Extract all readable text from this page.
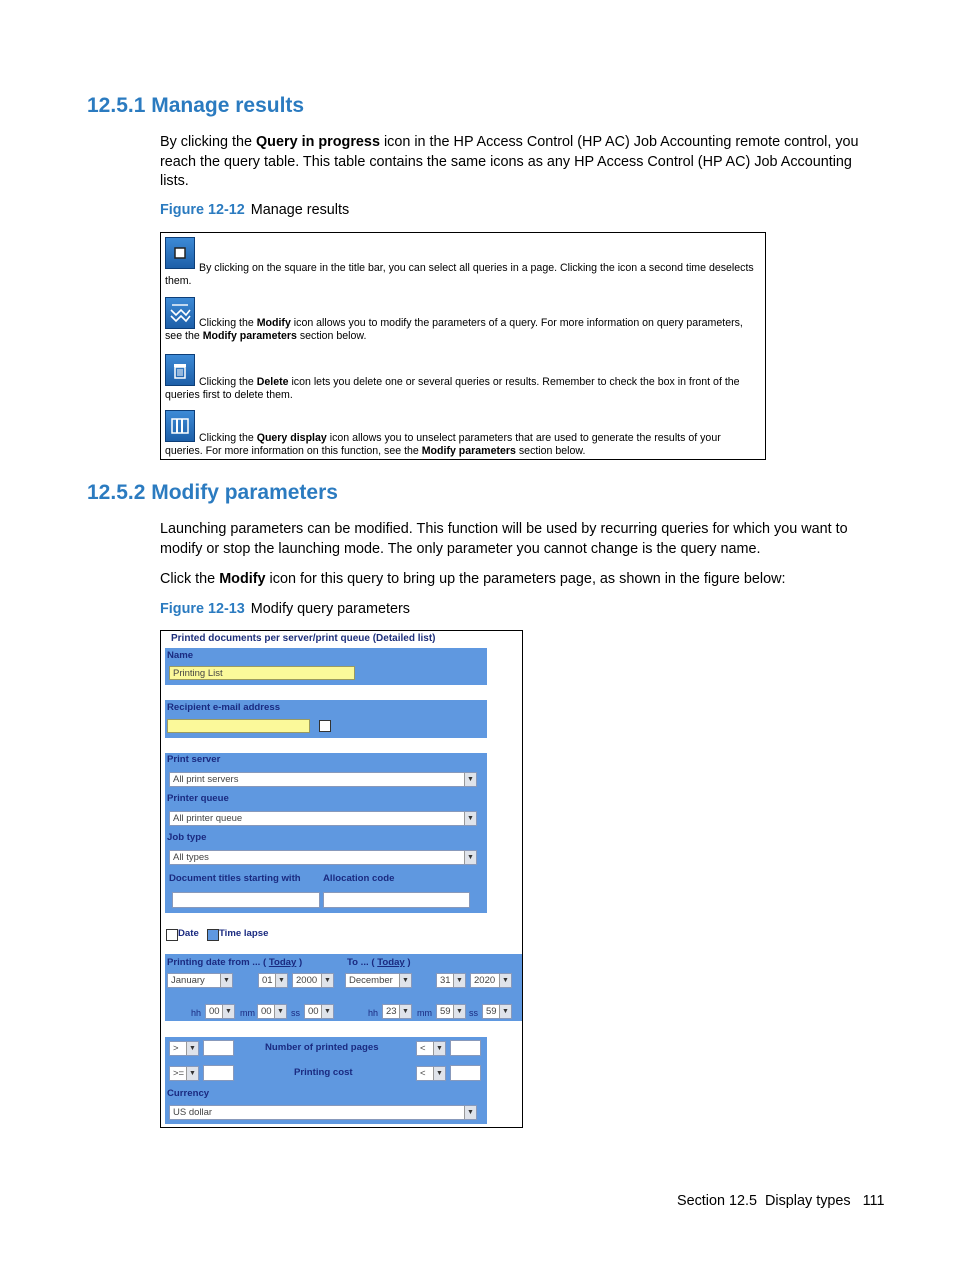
12.5.1 Manage results

By clicking the Query in progress icon in the HP Access Control (HP AC) Job Accounting remote control, you reach the query table. This table contains the same icons as any HP Access Control (HP AC) Job Accounting lists.

Figure 12-12 Manage results
By clicking on the square in the title bar, you can select all queries in a page. Clicking the icon a second time deselects them.
Clicking the Modify icon allows you to modify the parameters of a query. For more information on query parameters, see the Modify parameters section below.
Clicking the Delete icon lets you delete one or several queries or results. Remember to check the box in front of the queries first to delete them.
Clicking the Query display icon allows you to unselect parameters that are used to generate the results of your queries. For more information on this function, see the Modify parameters section below.
12.5.2 Modify parameters

Launching parameters can be modified. This function will be used by recurring queries for which you want to modify or stop the launching mode. The only parameter you cannot change is the query name.

Click the Modify icon for this query to bring up the parameters page, as shown in the figure below:

Figure 12-13 Modify query parameters
Printed documents per server/print queue (Detailed list)
Name
Printing List
Recipient e-mail address
Print server
All print servers	▼
Printer queue
All printer queue	▼
Job type
All types	▼
Document titles starting with Allocation code
Date Time lapse
Printing date from ... ( Today )	To ... ( Today )
January	▼	01 ▼	2000 ▼	December	▼	31 ▼	2020 ▼
hh 00 ▼ mm 00 ▼ ss 00 ▼	hh 23 ▼ mm 59 ▼ ss 59 ▼
>	▼	Number of printed pages	<	▼
>= ▼	Printing cost	<	▼
Currency
US dollar	▼
Section 12.5 Display types 111
